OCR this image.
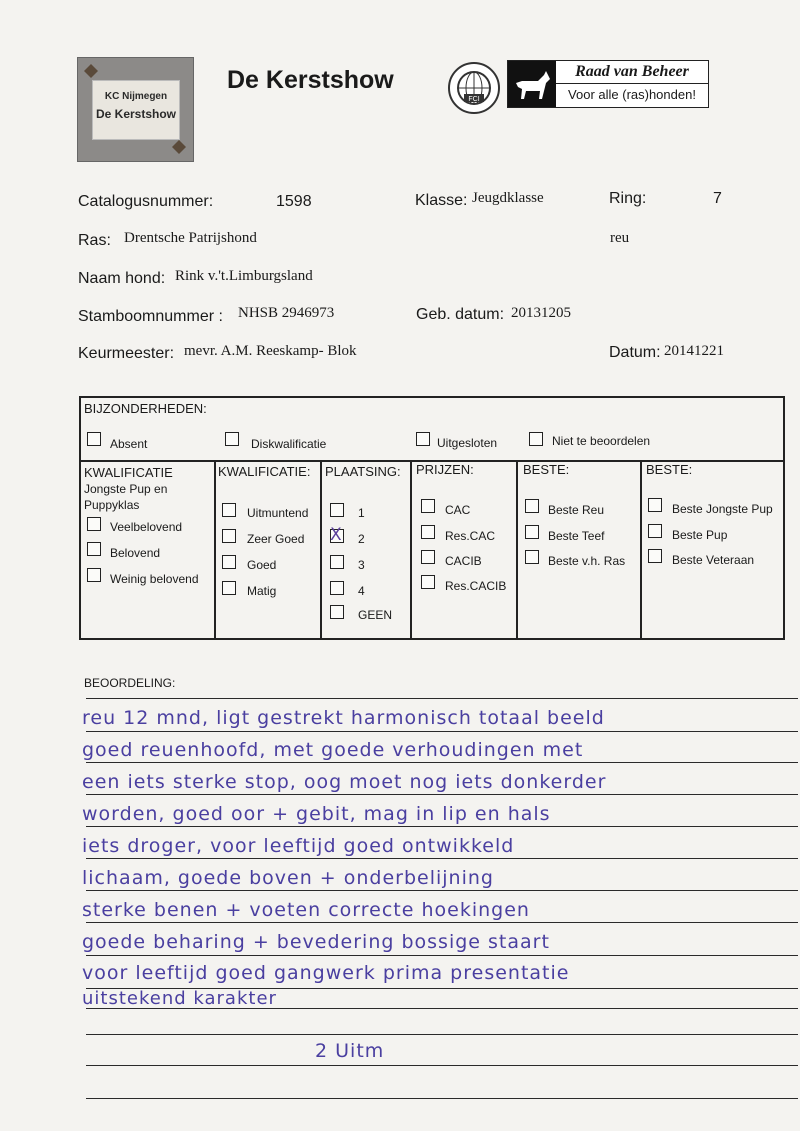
KC Nijmegen
De Kerstshow
De Kerstshow
FCI
Raad van Beheer
Voor alle (ras)honden!
Catalogusnummer:	1598	Klasse: Jeugdklasse	Ring:	7
Ras: Drentsche Patrijshond	reu
Naam hond: Rink v.'t.Limburgsland
Stamboomnummer : NHSB 2946973	Geb. datum: 20131205
Keurmeester: mevr. A.M. Reeskamp- Blok	Datum: 20141221
BIJZONDERHEDEN:
Absent	Diskwalificatie	Uitgesloten	Niet te beoordelen
KWALIFICATIE
Jongste Pup en
Puppyklas
Veelbelovend
Belovend
Weinig belovend
KWALIFICATIE:
Uitmuntend
Zeer Goed
Goed
Matig
PLAATSING:
1
X
2
3
4
GEEN
PRIJZEN:
CAC
Res.CAC
CACIB
Res.CACIB
BESTE:
Beste Reu
Beste Teef
Beste v.h. Ras
BESTE:
Beste Jongste Pup
Beste Pup
Beste Veteraan
BEOORDELING:
reu 12 mnd, ligt gestrekt harmonisch totaal beeld
goed reuenhoofd, met goede verhoudingen met
een iets sterke stop, oog moet nog iets donkerder
worden, goed oor + gebit, mag in lip en hals
iets droger, voor leeftijd goed ontwikkeld
lichaam, goede boven + onderbelijning
sterke benen + voeten correcte hoekingen
goede beharing + bevedering bossige staart
voor leeftijd goed gangwerk prima presentatie
uitstekend karakter
2 Uitm
